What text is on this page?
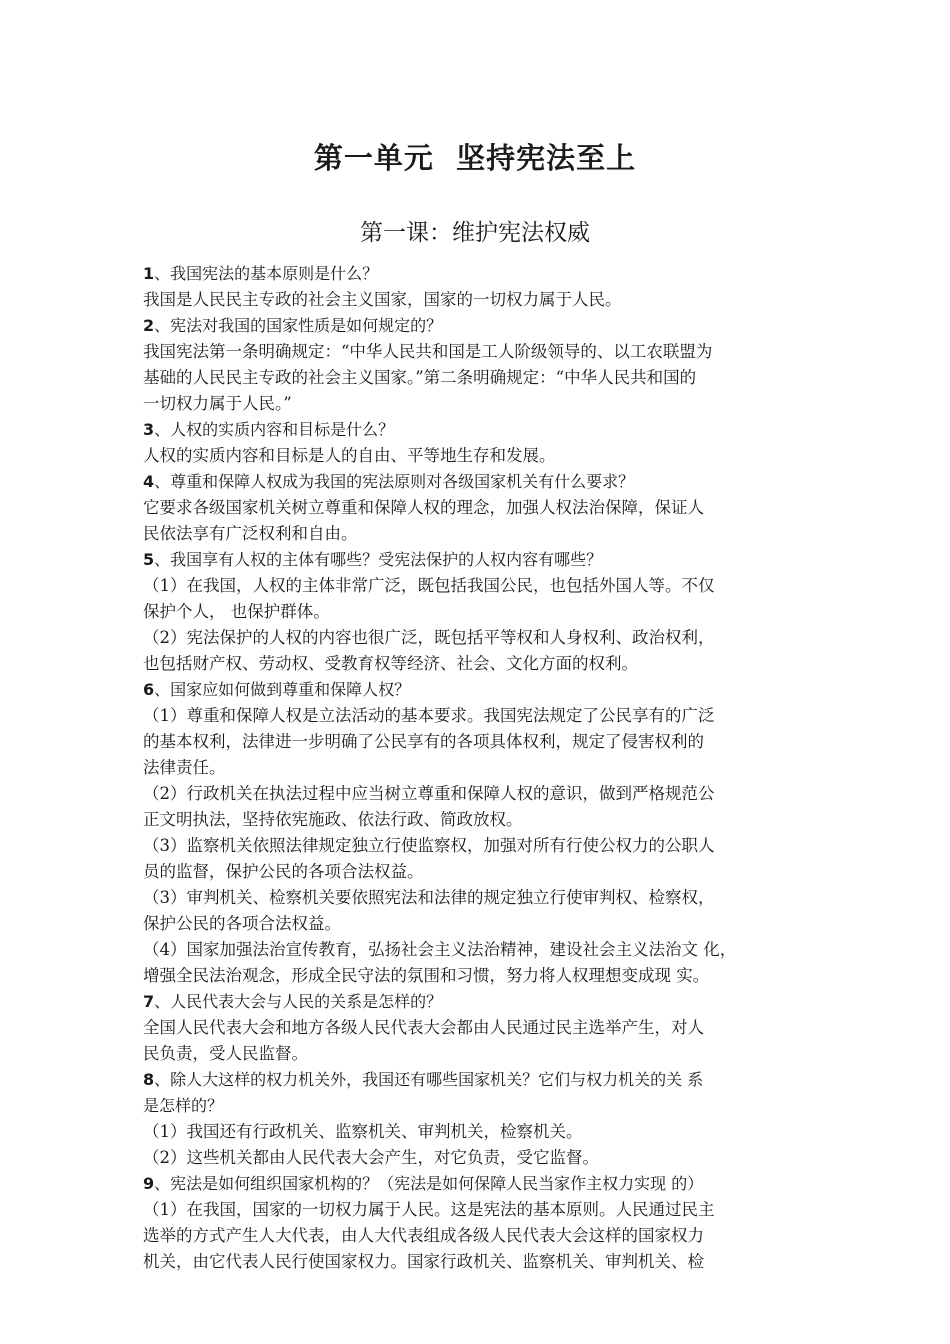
第一单元  坚持宪法至上
第一课：维护宪法权威
1、我国宪法的基本原则是什么？
我国是人民民主专政的社会主义国家，国家的一切权力属于人民。
2、宪法对我国的国家性质是如何规定的？
我国宪法第一条明确规定：“中华人民共和国是工人阶级领导的、以工农联盟为
基础的人民民主专政的社会主义国家。”第二条明确规定：“中华人民共和国的
一切权力属于人民。”
3、人权的实质内容和目标是什么？
人权的实质内容和目标是人的自由、平等地生存和发展。
4、尊重和保障人权成为我国的宪法原则对各级国家机关有什么要求？
它要求各级国家机关树立尊重和保障人权的理念，加强人权法治保障，保证人
民依法享有广泛权利和自由。
5、我国享有人权的主体有哪些？受宪法保护的人权内容有哪些？
（1）在我国，人权的主体非常广泛，既包括我国公民，也包括外国人等。不仅
保护个人， 也保护群体。
（2）宪法保护的人权的内容也很广泛，既包括平等权和人身权利、政治权利，
也包括财产权、劳动权、受教育权等经济、社会、文化方面的权利。
6、国家应如何做到尊重和保障人权？
（1）尊重和保障人权是立法活动的基本要求。我国宪法规定了公民享有的广泛
的基本权利，法律进一步明确了公民享有的各项具体权利，规定了侵害权利的
法律责任。
（2）行政机关在执法过程中应当树立尊重和保障人权的意识，做到严格规范公
正文明执法，坚持依宪施政、依法行政、简政放权。
（3）监察机关依照法律规定独立行使监察权，加强对所有行使公权力的公职人
员的监督，保护公民的各项合法权益。
（3）审判机关、检察机关要依照宪法和法律的规定独立行使审判权、检察权，
保护公民的各项合法权益。
（4）国家加强法治宣传教育，弘扬社会主义法治精神，建设社会主义法治文 化，
增强全民法治观念，形成全民守法的氛围和习惯，努力将人权理想变成现 实。
7、人民代表大会与人民的关系是怎样的？
全国人民代表大会和地方各级人民代表大会都由人民通过民主选举产生，对人
民负责，受人民监督。
8、除人大这样的权力机关外，我国还有哪些国家机关？它们与权力机关的关 系
是怎样的？
（1）我国还有行政机关、监察机关、审判机关，检察机关。
（2）这些机关都由人民代表大会产生，对它负责，受它监督。
9、宪法是如何组织国家机构的？（宪法是如何保障人民当家作主权力实现 的）
（1）在我国，国家的一切权力属于人民。这是宪法的基本原则。人民通过民主
选举的方式产生人大代表，由人大代表组成各级人民代表大会这样的国家权力
机关，由它代表人民行使国家权力。国家行政机关、监察机关、审判机关、检
